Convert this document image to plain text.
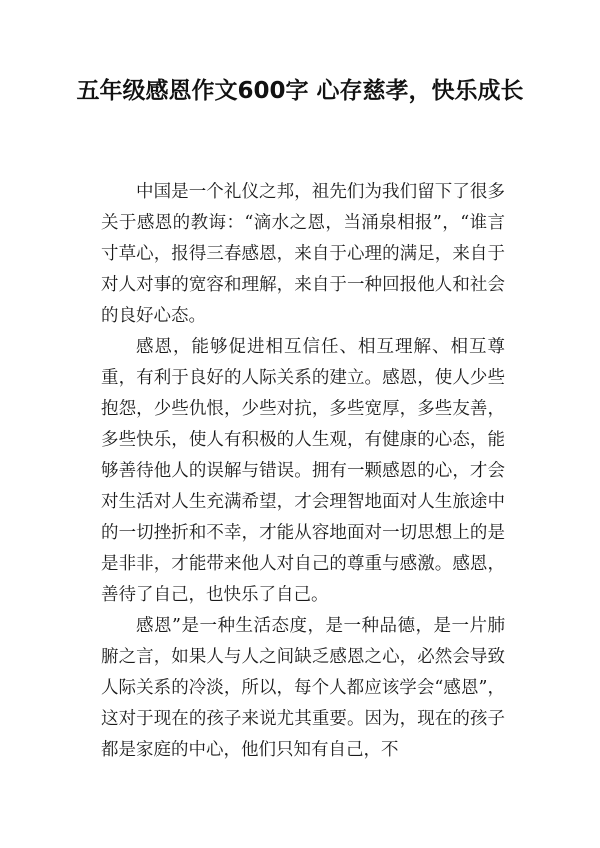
五年级感恩作文600字 心存慈孝，快乐成长

中国是一个礼仪之邦，祖先们为我们留下了很多关于感恩的教诲：“滴水之恩，当涌泉相报”，“谁言寸草心，报得三春感恩，来自于心理的满足，来自于对人对事的宽容和理解，来自于一种回报他人和社会的良好心态。

感恩，能够促进相互信任、相互理解、相互尊重，有利于良好的人际关系的建立。感恩，使人少些抱怨，少些仇恨，少些对抗，多些宽厚，多些友善，多些快乐，使人有积极的人生观，有健康的心态，能够善待他人的误解与错误。拥有一颗感恩的心，才会对生活对人生充满希望，才会理智地面对人生旅途中的一切挫折和不幸，才能从容地面对一切思想上的是是非非，才能带来他人对自己的尊重与感激。感恩，善待了自己，也快乐了自己。

感恩”是一种生活态度，是一种品德，是一片肺腑之言，如果人与人之间缺乏感恩之心，必然会导致人际关系的冷淡，所以，每个人都应该学会“感恩”，这对于现在的孩子来说尤其重要。因为，现在的孩子都是家庭的中心，他们只知有自己，不
